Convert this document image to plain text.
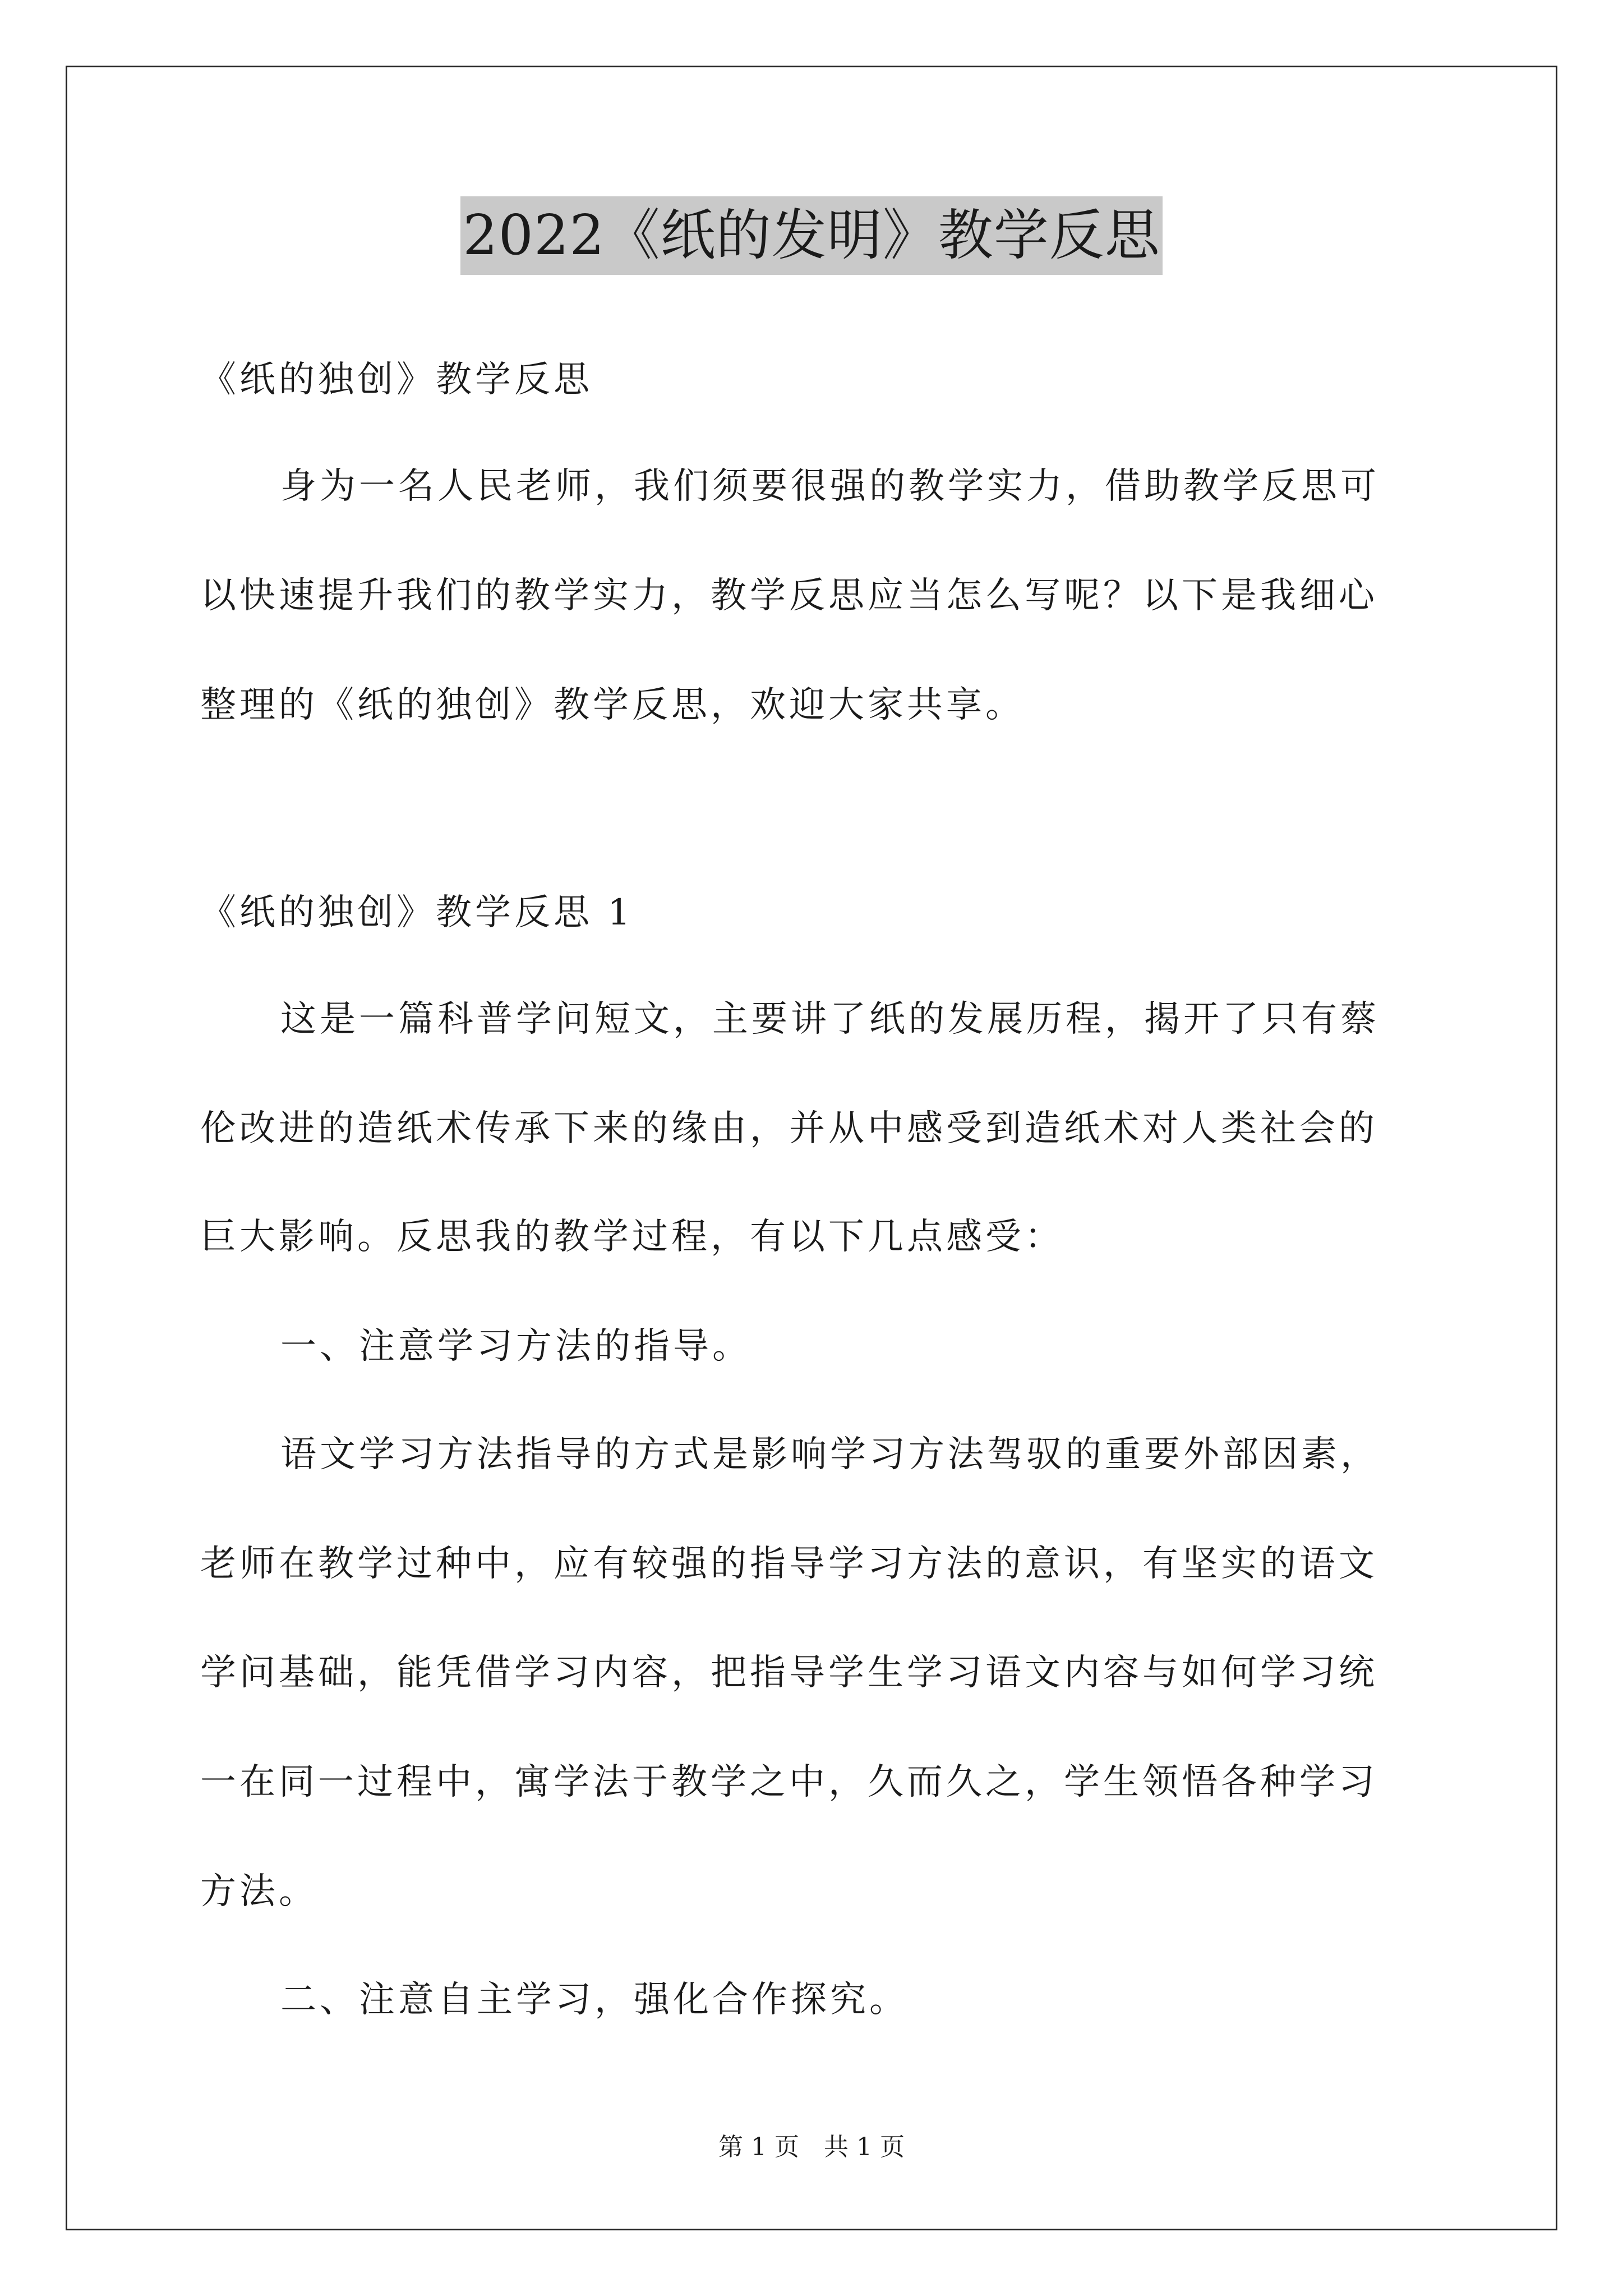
2022《纸的发明》教学反思
《纸的独创》教学反思
身为一名人民老师，我们须要很强的教学实力，借助教学反思可
以快速提升我们的教学实力，教学反思应当怎么写呢？以下是我细心
整理的《纸的独创》教学反思，欢迎大家共享。
《纸的独创》教学反思 1
这是一篇科普学问短文，主要讲了纸的发展历程，揭开了只有蔡
伦改进的造纸术传承下来的缘由，并从中感受到造纸术对人类社会的
巨大影响。反思我的教学过程，有以下几点感受：
一、注意学习方法的指导。
语文学习方法指导的方式是影响学习方法驾驭的重要外部因素，
老师在教学过种中，应有较强的指导学习方法的意识，有坚实的语文
学问基础，能凭借学习内容，把指导学生学习语文内容与如何学习统
一在同一过程中，寓学法于教学之中，久而久之，学生领悟各种学习
方法。
二、注意自主学习，强化合作探究。
第 1 页　共 1 页
